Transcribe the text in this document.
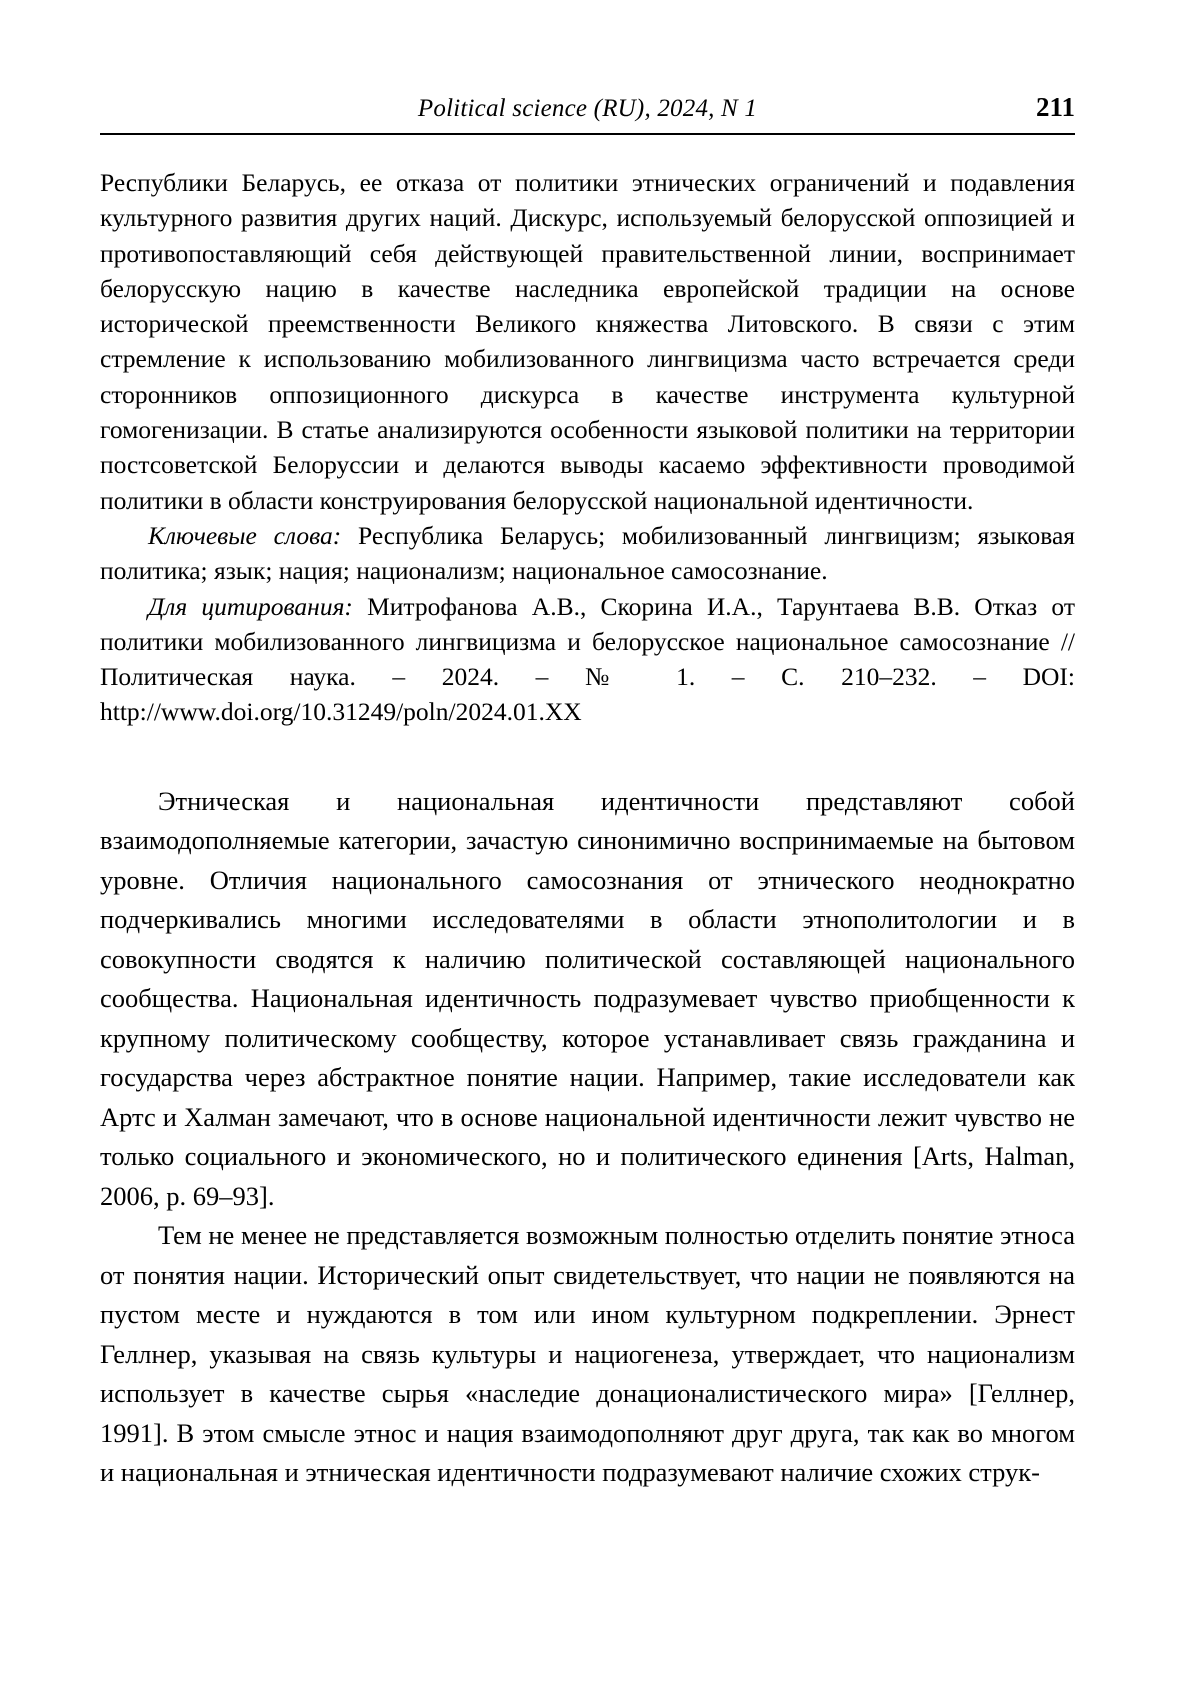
Political science (RU), 2024, N 1	211

Республики Беларусь, ее отказа от политики этнических ограничений и подавления культурного развития других наций. Дискурс, используемый белорусской оппозицией и противопоставляющий себя действующей правительственной линии, воспринимает белорусскую нацию в качестве наследника европейской традиции на основе исторической преемственности Великого княжества Литовского. В связи с этим стремление к использованию мобилизованного лингвицизма часто встречается среди сторонников оппозиционного дискурса в качестве инструмента культурной гомогенизации. В статье анализируются особенности языковой политики на территории постсоветской Белоруссии и делаются выводы касаемо эффективности проводимой политики в области конструирования белорусской национальной идентичности.

Ключевые слова: Республика Беларусь; мобилизованный лингвицизм; языковая политика; язык; нация; национализм; национальное самосознание.

Для цитирования: Митрофанова А.В., Скорина И.А., Тарунтаева В.В. Отказ от политики мобилизованного лингвицизма и белорусское национальное самосознание // Политическая наука. – 2024. – № 1. – С. 210–232. – DOI: http://www.doi.org/10.31249/poln/2024.01.XX

Этническая и национальная идентичности представляют собой взаимодополняемые категории, зачастую синонимично воспринимаемые на бытовом уровне. Отличия национального самосознания от этнического неоднократно подчеркивались многими исследователями в области этнополитологии и в совокупности сводятся к наличию политической составляющей национального сообщества. Национальная идентичность подразумевает чувство приобщенности к крупному политическому сообществу, которое устанавливает связь гражданина и государства через абстрактное понятие нации. Например, такие исследователи как Артс и Халман замечают, что в основе национальной идентичности лежит чувство не только социального и экономического, но и политического единения [Arts, Halman, 2006, p. 69–93].

Тем не менее не представляется возможным полностью отделить понятие этноса от понятия нации. Исторический опыт свидетельствует, что нации не появляются на пустом месте и нуждаются в том или ином культурном подкреплении. Эрнест Геллнер, указывая на связь культуры и нациогенеза, утверждает, что национализм использует в качестве сырья «наследие донационалистического мира» [Геллнер, 1991]. В этом смысле этнос и нация взаимодополняют друг друга, так как во многом и национальная и этническая идентичности подразумевают наличие схожих струк-
